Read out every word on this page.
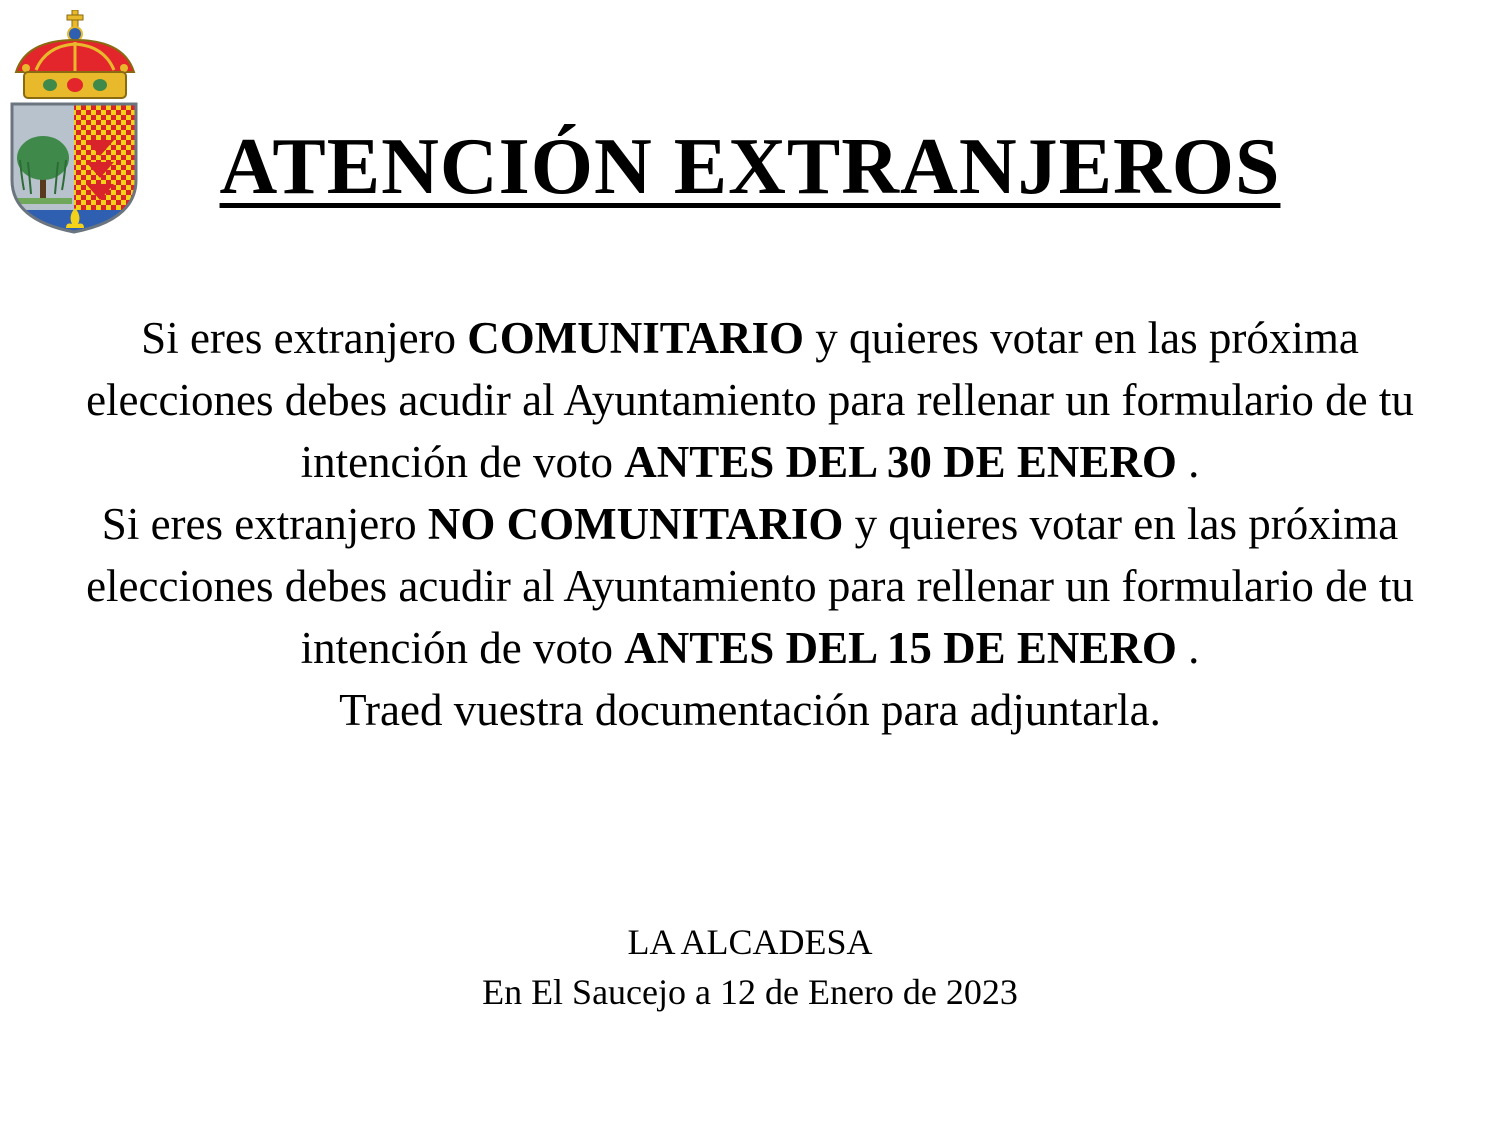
ATENCIÓN EXTRANJEROS

Si eres extranjero COMUNITARIO y quieres votar en las próxima elecciones debes acudir al Ayuntamiento para rellenar un formulario de tu intención de voto ANTES DEL 30 DE ENERO .

Si eres extranjero NO COMUNITARIO y quieres votar en las próxima elecciones debes acudir al Ayuntamiento para rellenar un formulario de tu intención de voto ANTES DEL 15 DE ENERO .

Traed vuestra documentación para adjuntarla.

LA ALCADESA
En El Saucejo a 12 de Enero de 2023
